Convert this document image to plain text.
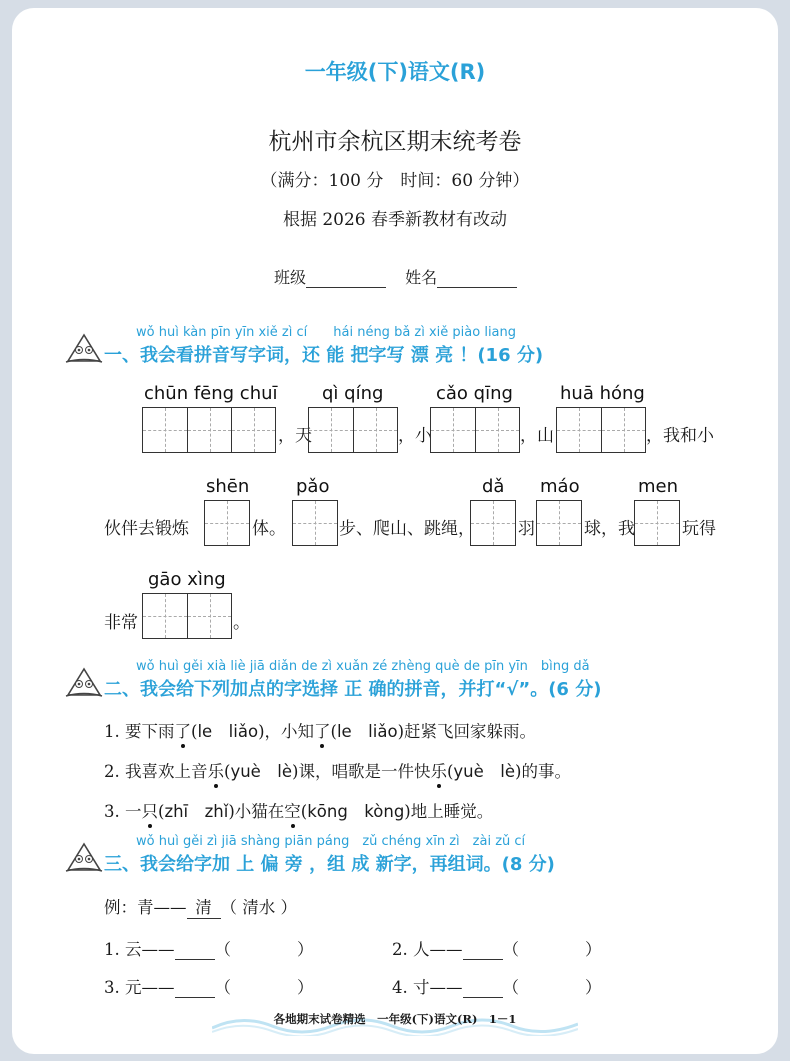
一年级(下)语文(R)
杭州市余杭区期末统考卷
（满分：100 分　时间：60 分钟）
根据 2026 春季新教材有改动
班级	姓名
wǒ huì kàn pīn yīn xiě zì cí　　hái néng bǎ zì xiě piào liang
一、我会看拼音写字词，还 能 把字写 漂 亮 ！(16 分)
chūn fēng chuī
，天
qì qíng
，小
cǎo qīng
，山
huā hóng
，我和小
伙伴去锻炼
shēn
体。
pǎo
步、爬山、跳绳，
dǎ
羽
máo
球，我
men
玩得
非常
gāo xìng
。
wǒ huì gěi xià liè jiā diǎn de zì xuǎn zé zhèng què de pīn yīn　bìng dǎ
二、我会给下列加点的字选择 正 确的拼音，并打“√”。(6 分)
1. 要下雨了(le　liǎo)，小知了(le　liǎo)赶紧飞回家躲雨。
2. 我喜欢上音乐(yuè　lè)课，唱歌是一件快乐(yuè　lè)的事。
3. 一只(zhī　zhǐ)小猫在空(kōng　kòng)地上睡觉。
wǒ huì gěi zì jiā shàng piān páng　zǔ chéng xīn zì　zài zǔ cí
三、我会给字加 上 偏 旁 ，组 成 新字，再组词。(8 分)
例：青—— 清 （ 清水 ）
1. 云—— （　　　　）	2. 人—— （　　　　）
3. 元—— （　　　　）	4. 寸—— （　　　　）
各地期末试卷精选　一年级(下)语文(R)　1－1
